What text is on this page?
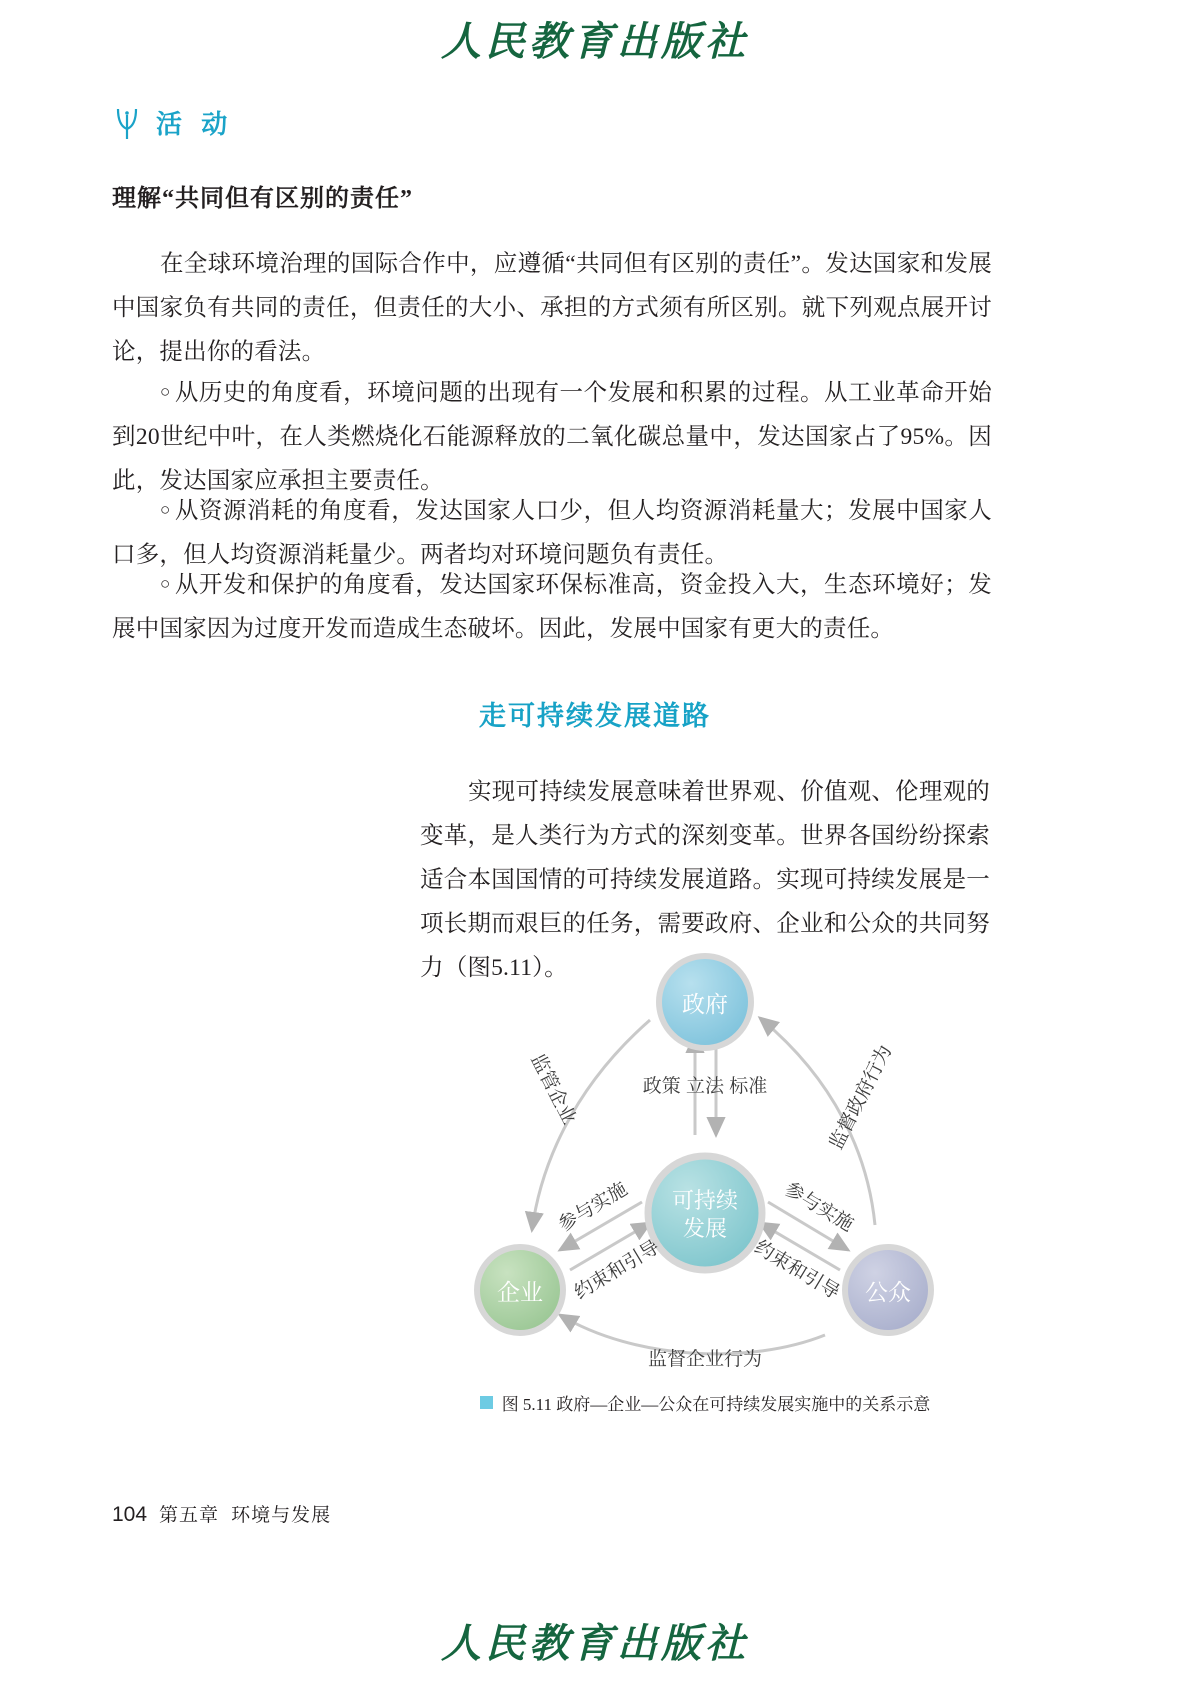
人民教育出版社
活 动
理解“共同但有区别的责任”

在全球环境治理的国际合作中，应遵循“共同但有区别的责任”。发达国家和发展中国家负有共同的责任，但责任的大小、承担的方式须有所区别。就下列观点展开讨论，提出你的看法。

○ 从历史的角度看，环境问题的出现有一个发展和积累的过程。从工业革命开始到20世纪中叶，在人类燃烧化石能源释放的二氧化碳总量中，发达国家占了95%。因此，发达国家应承担主要责任。

○ 从资源消耗的角度看，发达国家人口少，但人均资源消耗量大；发展中国家人口多，但人均资源消耗量少。两者均对环境问题负有责任。

○ 从开发和保护的角度看，发达国家环保标准高，资金投入大，生态环境好；发展中国家因为过度开发而造成生态破坏。因此，发展中国家有更大的责任。

走可持续发展道路

实现可持续发展意味着世界观、价值观、伦理观的变革，是人类行为方式的深刻变革。世界各国纷纷探索适合本国国情的可持续发展道路。实现可持续发展是一项长期而艰巨的任务，需要政府、企业和公众的共同努力（图5.11）。

政府
可持续
发展
企业	公众
政策 立法 标准
监管企业	监督政府行为
参与实施	参与实施
约束和引导	约束和引导
监督企业行为
图 5.11 政府—企业—公众在可持续发展实施中的关系示意
104 第五章 环境与发展
人民教育出版社
